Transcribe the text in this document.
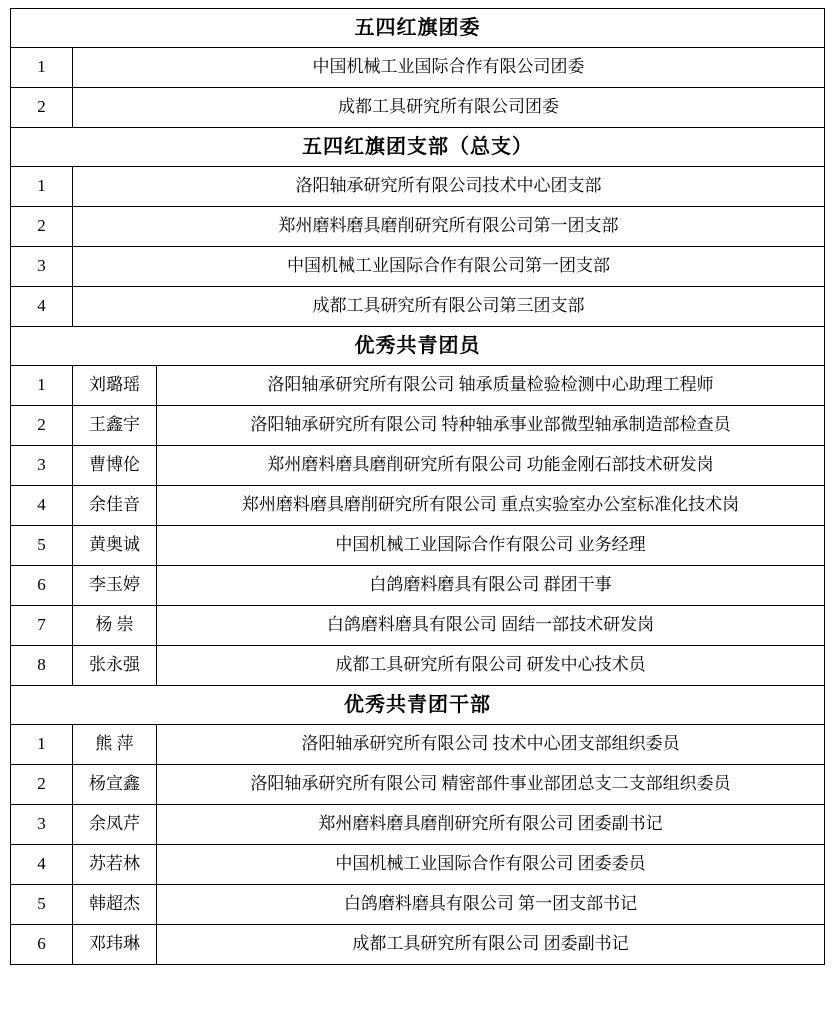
五四红旗团委		
1	中国机械工业国际合作有限公司团委	
2	成都工具研究所有限公司团委	
五四红旗团支部（总支）		
1	洛阳轴承研究所有限公司技术中心团支部	
2	郑州磨料磨具磨削研究所有限公司第一团支部	
3	中国机械工业国际合作有限公司第一团支部	
4	成都工具研究所有限公司第三团支部	
优秀共青团员		
1	刘璐瑶	洛阳轴承研究所有限公司 轴承质量检验检测中心助理工程师
2	王鑫宇	洛阳轴承研究所有限公司 特种轴承事业部微型轴承制造部检查员
3	曹博伦	郑州磨料磨具磨削研究所有限公司 功能金刚石部技术研发岗
4	余佳音	郑州磨料磨具磨削研究所有限公司 重点实验室办公室标准化技术岗
5	黄奥诚	中国机械工业国际合作有限公司 业务经理
6	李玉婷	白鸽磨料磨具有限公司 群团干事
7	杨 崇	白鸽磨料磨具有限公司 固结一部技术研发岗
8	张永强	成都工具研究所有限公司 研发中心技术员
优秀共青团干部		
1	熊 萍	洛阳轴承研究所有限公司 技术中心团支部组织委员
2	杨宣鑫	洛阳轴承研究所有限公司 精密部件事业部团总支二支部组织委员
3	余凤芹	郑州磨料磨具磨削研究所有限公司 团委副书记
4	苏若林	中国机械工业国际合作有限公司 团委委员
5	韩超杰	白鸽磨料磨具有限公司 第一团支部书记
6	邓玮琳	成都工具研究所有限公司 团委副书记
